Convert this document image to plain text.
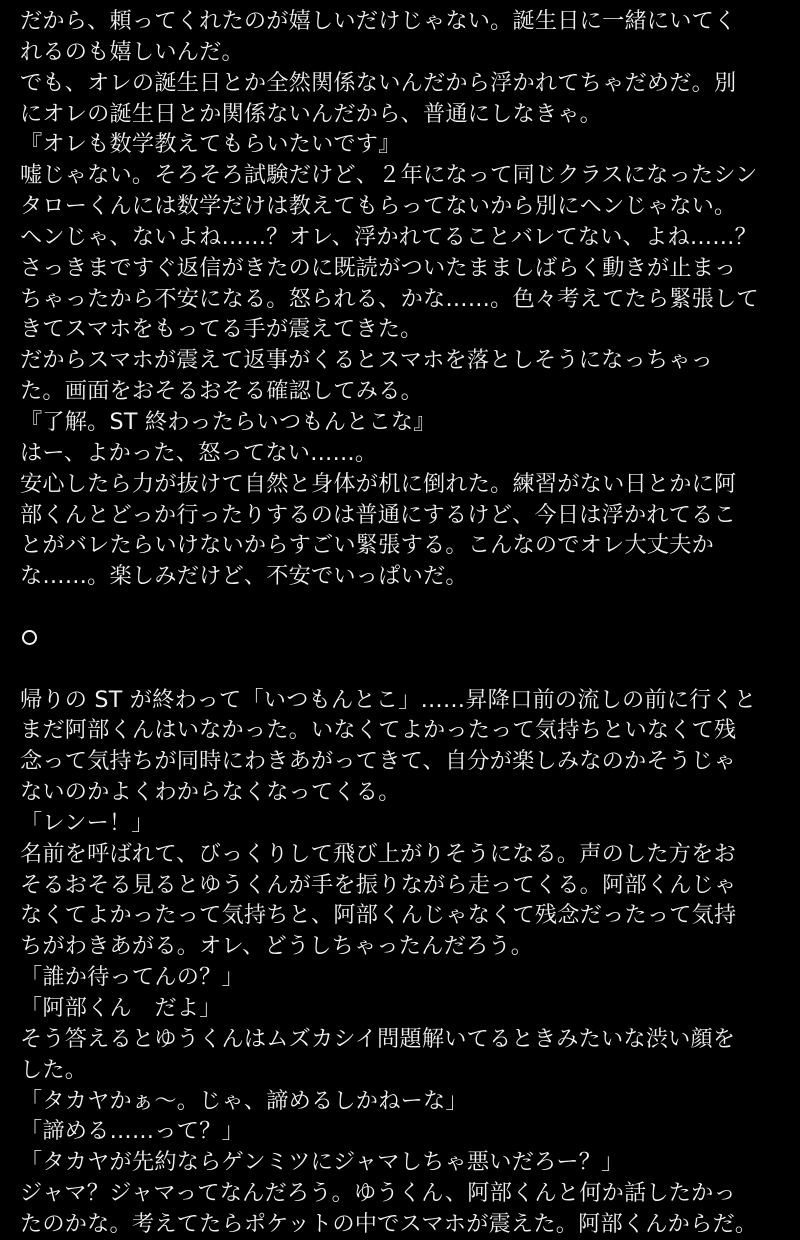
だから、頼ってくれたのが嬉しいだけじゃない。誕生日に一緒にいてく
れるのも嬉しいんだ。
でも、オレの誕生日とか全然関係ないんだから浮かれてちゃだめだ。別
にオレの誕生日とか関係ないんだから、普通にしなきゃ。
『オレも数学教えてもらいたいです』
嘘じゃない。そろそろ試験だけど、２年になって同じクラスになったシン
タローくんには数学だけは教えてもらってないから別にヘンじゃない。
ヘンじゃ、ないよね……？オレ、浮かれてることバレてない、よね……？
さっきまですぐ返信がきたのに既読がついたまましばらく動きが止まっ
ちゃったから不安になる。怒られる、かな……。色々考えてたら緊張して
きてスマホをもってる手が震えてきた。
だからスマホが震えて返事がくるとスマホを落としそうになっちゃっ
た。画面をおそるおそる確認してみる。
『了解。ST 終わったらいつもんとこな』
はー、よかった、怒ってない……。
安心したら力が抜けて自然と身体が机に倒れた。練習がない日とかに阿
部くんとどっか行ったりするのは普通にするけど、今日は浮かれてるこ
とがバレたらいけないからすごい緊張する。こんなのでオレ大丈夫か
な……。楽しみだけど、不安でいっぱいだ。
帰りの ST が終わって「いつもんとこ」……昇降口前の流しの前に行くと
まだ阿部くんはいなかった。いなくてよかったって気持ちといなくて残
念って気持ちが同時にわきあがってきて、自分が楽しみなのかそうじゃ
ないのかよくわからなくなってくる。
「レンー！」
名前を呼ばれて、びっくりして飛び上がりそうになる。声のした方をお
そるおそる見るとゆうくんが手を振りながら走ってくる。阿部くんじゃ
なくてよかったって気持ちと、阿部くんじゃなくて残念だったって気持
ちがわきあがる。オレ、どうしちゃったんだろう。
「誰か待ってんの？」
「阿部くん　だよ」
そう答えるとゆうくんはムズカシイ問題解いてるときみたいな渋い顔を
した。
「タカヤかぁ〜。じゃ、諦めるしかねーな」
「諦める……って？」
「タカヤが先約ならゲンミツにジャマしちゃ悪いだろー？」
ジャマ？ジャマってなんだろう。ゆうくん、阿部くんと何か話したかっ
たのかな。考えてたらポケットの中でスマホが震えた。阿部くんからだ。
